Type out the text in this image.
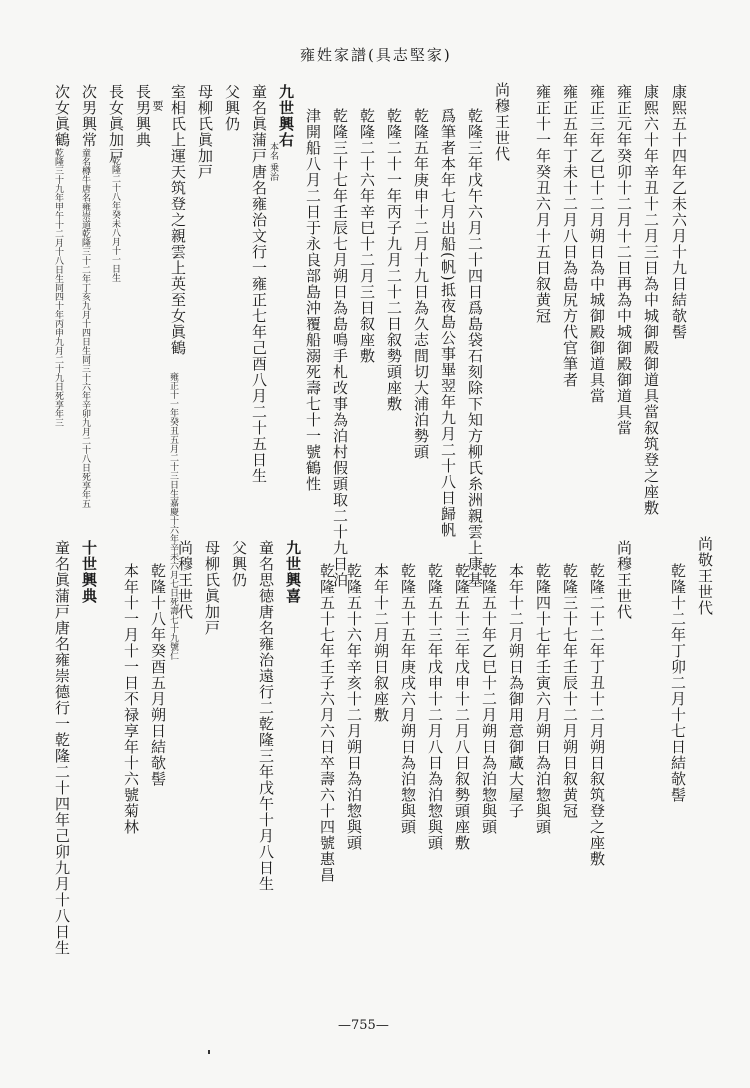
雍姓家譜(具志堅家)
康熙五十四年乙未六月十九日結欹髻
康熙六十年辛丑十二月三日為中城御殿御道具當叙筑登之座敷
雍正元年癸卯十二月十二日再為中城御殿御道具當
雍正三年乙巳十二月朔日為中城御殿御道具當
雍正五年丁未十二月八日為島尻方代官筆者
雍正十一年癸丑六月十五日叙黄冠
尚穆王世代
乾隆三年戊午六月二十四日爲島袋石刻除下知方柳氏糸洲親雲上康基
爲筆者本年七月出船(帆)抵夜島公事畢翌年九月二十八日歸帆
乾隆五年庚申十二月十九日為久志間切大浦泊勢頭
乾隆二十一年丙子九月二十二日叙勢頭座敷
乾隆二十六年辛巳十二月三日叙座敷
乾隆三十七年壬辰七月朔日為島鳴手札改事為泊村假頭取二十九日泊
津開船八月二日于永良部島沖覆船溺死壽七十一號鶴性
九世興右
本名 乗治
童名眞蒲戸唐名雍治文行一雍正七年己酉八月二十五日生
父興仍
母柳氏眞加戸
室相氏上運天筑登之親雲上英至女眞鶴
雍正十一年癸丑五月二十三日生嘉慶十六年辛未六月七日死壽七十九號仁
要
長男興典
長女眞加戸
乾隆二十八年癸未八月十一日生
次男興常
童名樽牛唐名雍崇道乾隆三十二年丁亥九月十四日生同三十六年辛卯九月二十八日死享年五
次女眞鶴
乾隆三十九年甲午十二月十八日生同四十年丙申九月二十九日死享年三
尚敬王世代
乾隆十二年丁卯二月十七日結欹髻
尚穆王世代
乾隆二十二年丁丑十二月朔日叙筑登之座敷
乾隆三十七年壬辰十二月朔日叙黄冠
乾隆四十七年壬寅六月朔日為泊惣與頭
本年十二月朔日為御用意御蔵大屋子
乾隆五十年乙巳十二月朔日為泊惣與頭
乾隆五十三年戊申十二月八日叙勢頭座敷
乾隆五十三年戊申十二月八日為泊惣與頭
乾隆五十五年庚戌六月朔日為泊惣與頭
本年十二月朔日叙座敷
乾隆五十六年辛亥十二月朔日為泊惣與頭
乾隆五十七年壬子六月六日卒壽六十四號惠昌
九世興喜
童名思徳唐名雍治遠行二乾隆三年戊午十月八日生
父興仍
母柳氏眞加戸
尚穆王世代
乾隆十八年癸酉五月朔日結欹髻
本年十一月十一日不禄享年十六號菊林
十世興典
童名眞蒲戸唐名雍崇德行一乾隆二十四年己卯九月十八日生
—755—
